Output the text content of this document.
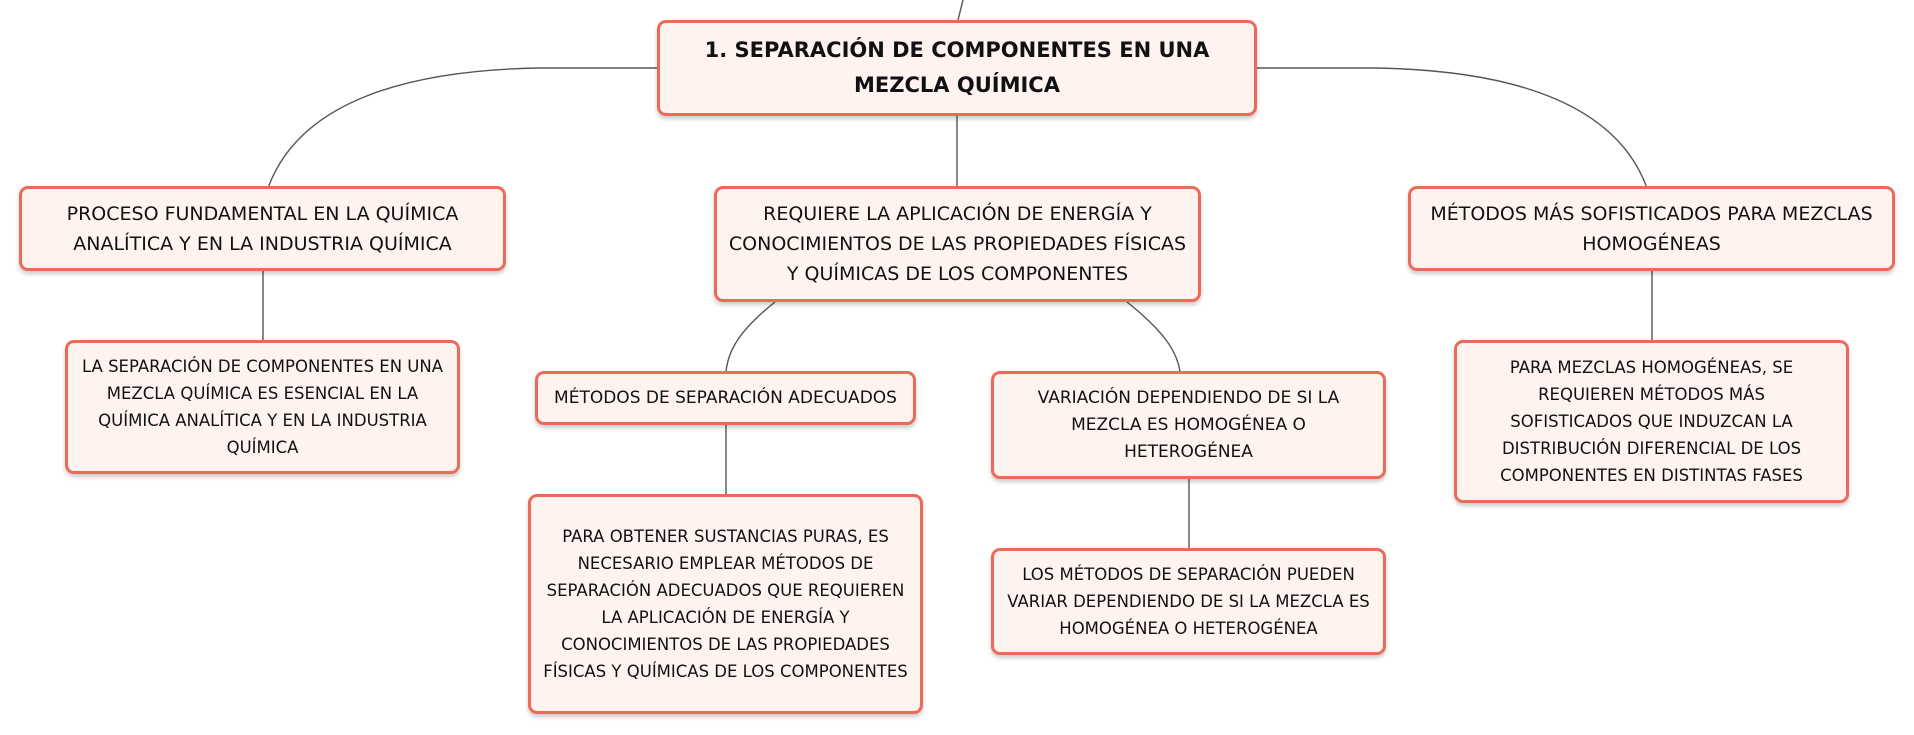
1. SEPARACIÓN DE COMPONENTES EN UNA MEZCLA QUÍMICA
PROCESO FUNDAMENTAL EN LA QUÍMICA ANALÍTICA Y EN LA INDUSTRIA QUÍMICA
REQUIERE LA APLICACIÓN DE ENERGÍA Y CONOCIMIENTOS DE LAS PROPIEDADES FÍSICAS Y QUÍMICAS DE LOS COMPONENTES
MÉTODOS MÁS SOFISTICADOS PARA MEZCLAS HOMOGÉNEAS
LA SEPARACIÓN DE COMPONENTES EN UNA MEZCLA QUÍMICA ES ESENCIAL EN LA QUÍMICA ANALÍTICA Y EN LA INDUSTRIA QUÍMICA
MÉTODOS DE SEPARACIÓN ADECUADOS	VARIACIÓN DEPENDIENDO DE SI LA MEZCLA ES HOMOGÉNEA O HETEROGÉNEA
PARA OBTENER SUSTANCIAS PURAS, ES NECESARIO EMPLEAR MÉTODOS DE SEPARACIÓN ADECUADOS QUE REQUIEREN LA APLICACIÓN DE ENERGÍA Y CONOCIMIENTOS DE LAS PROPIEDADES FÍSICAS Y QUÍMICAS DE LOS COMPONENTES
LOS MÉTODOS DE SEPARACIÓN PUEDEN VARIAR DEPENDIENDO DE SI LA MEZCLA ES HOMOGÉNEA O HETEROGÉNEA
PARA MEZCLAS HOMOGÉNEAS, SE REQUIEREN MÉTODOS MÁS SOFISTICADOS QUE INDUZCAN LA DISTRIBUCIÓN DIFERENCIAL DE LOS COMPONENTES EN DISTINTAS FASES
